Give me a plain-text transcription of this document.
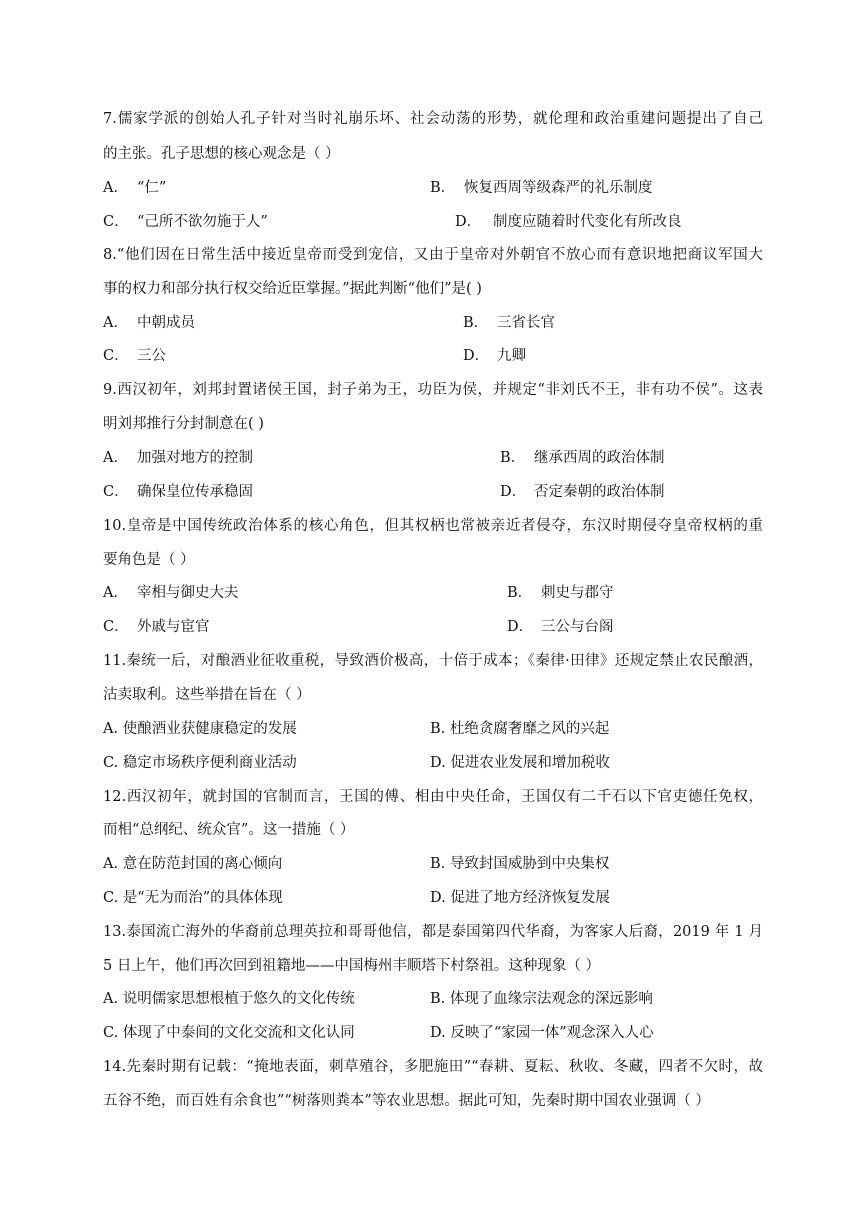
7.儒家学派的创始人孔子针对当时礼崩乐坏、社会动荡的形势，就伦理和政治重建问题提出了自己
的主张。孔子思想的核心观念是（ ）
A． “仁”	B． 恢复西周等级森严的礼乐制度
C． “己所不欲勿施于人”	D． 制度应随着时代变化有所改良
8.“他们因在日常生活中接近皇帝而受到宠信，又由于皇帝对外朝官不放心而有意识地把商议军国大
事的权力和部分执行权交给近臣掌握。”据此判断“他们”是( )
A． 中朝成员	B． 三省长官
C． 三公	D． 九卿
9.西汉初年，刘邦封置诸侯王国，封子弟为王，功臣为侯，并规定“非刘氏不王，非有功不侯”。这表
明刘邦推行分封制意在( )
A． 加强对地方的控制	B． 继承西周的政治体制
C． 确保皇位传承稳固	D． 否定秦朝的政治体制
10.皇帝是中国传统政治体系的核心角色，但其权柄也常被亲近者侵夺，东汉时期侵夺皇帝权柄的重
要角色是（ ）
A． 宰相与御史大夫	B． 刺史与郡守
C． 外戚与宦官	D． 三公与台阁
11.秦统一后，对酿酒业征收重税，导致酒价极高，十倍于成本；《秦律·田律》还规定禁止农民酿酒，
沽卖取利。这些举措在旨在（ ）
A. 使酿酒业获健康稳定的发展	B. 杜绝贪腐奢靡之风的兴起
C. 稳定市场秩序便利商业活动	D. 促进农业发展和增加税收
12.西汉初年，就封国的官制而言，王国的傅、相由中央任命，王国仅有二千石以下官吏德任免权，
而相“总纲纪、统众官”。这一措施（ ）
A. 意在防范封国的离心倾向	B. 导致封国威胁到中央集权
C. 是“无为而治”的具体体现	D. 促进了地方经济恢复发展
13.泰国流亡海外的华裔前总理英拉和哥哥他信，都是泰国第四代华裔，为客家人后裔，2019 年 1 月
5 日上午，他们再次回到祖籍地——中国梅州丰顺塔下村祭祖。这种现象（ ）
A. 说明儒家思想根植于悠久的文化传统	B. 体现了血缘宗法观念的深远影响
C. 体现了中泰间的文化交流和文化认同	D. 反映了“家园一体”观念深入人心
14.先秦时期有记载：“掩地表面，刺草殖谷，多肥施田”“春耕、夏耘、秋收、冬藏，四者不欠时，故
五谷不绝，而百姓有余食也”“树落则粪本”等农业思想。据此可知，先秦时期中国农业强调（ ）
